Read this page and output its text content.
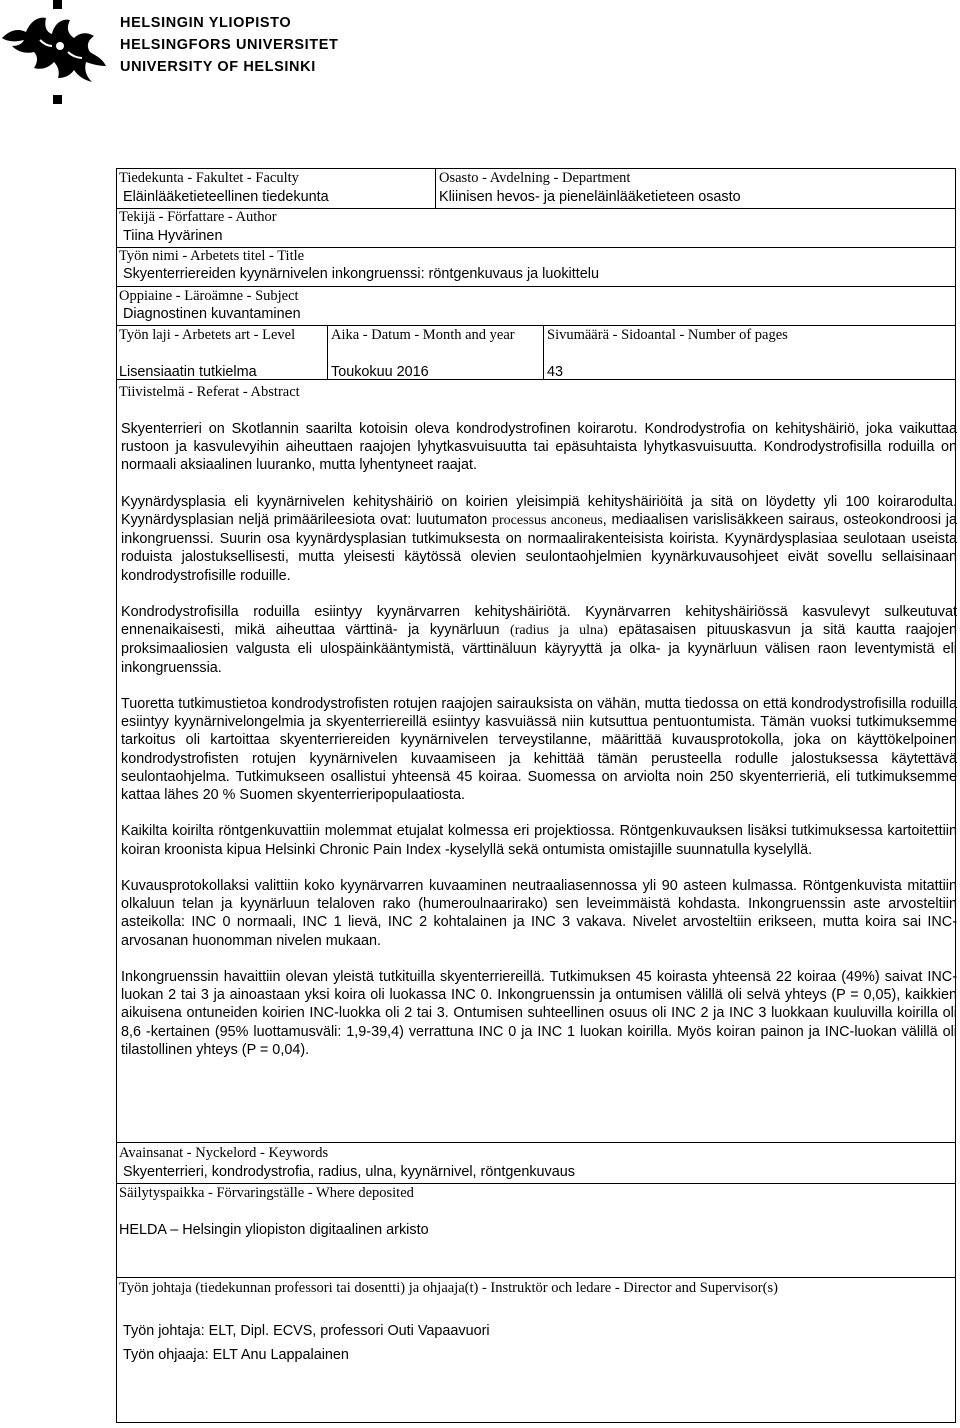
HELSINGIN YLIOPISTO
HELSINGFORS UNIVERSITET
UNIVERSITY OF HELSINKI
Tiedekunta - Fakultet - Faculty
Eläinlääketieteellinen tiedekunta
Osasto - Avdelning - Department
Kliinisen hevos- ja pieneläinlääketieteen osasto
Tekijä - Författare - Author
Tiina Hyvärinen
Työn nimi - Arbetets titel - Title
Skyenterriereiden kyynärnivelen inkongruenssi: röntgenkuvaus ja luokittelu
Oppiaine - Läroämne - Subject
Diagnostinen kuvantaminen
Työn laji - Arbetets art - Level
Lisensiaatin tutkielma
Aika - Datum - Month and year
Toukokuu 2016
Sivumäärä - Sidoantal - Number of pages
43
Tiivistelmä - Referat - Abstract

Skyenterrieri on Skotlannin saarilta kotoisin oleva kondrodystrofinen koirarotu. Kondrodystrofia on kehityshäiriö, joka vaikuttaa rustoon ja kasvulevyihin aiheuttaen raajojen lyhytkasvuisuutta tai epäsuhtaista lyhytkasvuisuutta. Kondrodystrofisilla roduilla on normaali aksiaalinen luuranko, mutta lyhentyneet raajat.

Kyynärdysplasia eli kyynärnivelen kehityshäiriö on koirien yleisimpiä kehityshäiriöitä ja sitä on löydetty yli 100 koirarodulta. Kyynärdysplasian neljä primäärileesiota ovat: luutumaton processus anconeus, mediaalisen varislisäkkeen sairaus, osteokondroosi ja inkongruenssi. Suurin osa kyynärdysplasian tutkimuksesta on normaalirakenteisista koirista. Kyynärdysplasiaa seulotaan useista roduista jalostuksellisesti, mutta yleisesti käytössä olevien seulontaohjelmien kyynärkuvausohjeet eivät sovellu sellaisinaan kondrodystrofisille roduille.

Kondrodystrofisilla roduilla esiintyy kyynärvarren kehityshäiriötä. Kyynärvarren kehityshäiriössä kasvulevyt sulkeutuvat ennenaikaisesti, mikä aiheuttaa värttinä- ja kyynärluun (radius ja ulna) epätasaisen pituuskasvun ja sitä kautta raajojen proksimaaliosien valgusta eli ulospäinkääntymistä, värttinäluun käyryyttä ja olka- ja kyynärluun välisen raon leventymistä eli inkongruenssia.

Tuoretta tutkimustietoa kondrodystrofisten rotujen raajojen sairauksista on vähän, mutta tiedossa on että kondrodystrofisilla roduilla esiintyy kyynärnivelongelmia ja skyenterriereillä esiintyy kasvuiässä niin kutsuttua pentuontumista. Tämän vuoksi tutkimuksemme tarkoitus oli kartoittaa skyenterriereiden kyynärnivelen terveystilanne, määrittää kuvausprotokolla, joka on käyttökelpoinen kondrodystrofisten rotujen kyynärnivelen kuvaamiseen ja kehittää tämän perusteella rodulle jalostuksessa käytettävä seulontaohjelma. Tutkimukseen osallistui yhteensä 45 koiraa. Suomessa on arviolta noin 250 skyenterrieriä, eli tutkimuksemme kattaa lähes 20 % Suomen skyenterrieripopulaatiosta.

Kaikilta koirilta röntgenkuvattiin molemmat etujalat kolmessa eri projektiossa. Röntgenkuvauksen lisäksi tutkimuksessa kartoitettiin koiran kroonista kipua Helsinki Chronic Pain Index -kyselyllä sekä ontumista omistajille suunnatulla kyselyllä.

Kuvausprotokollaksi valittiin koko kyynärvarren kuvaaminen neutraaliasennossa yli 90 asteen kulmassa. Röntgenkuvista mitattiin olkaluun telan ja kyynärluun telaloven rako (humeroulnaarirako) sen leveimmäistä kohdasta. Inkongruenssin aste arvosteltiin asteikolla: INC 0 normaali, INC 1 lievä, INC 2 kohtalainen ja INC 3 vakava. Nivelet arvosteltiin erikseen, mutta koira sai INC-arvosanan huonomman nivelen mukaan.

Inkongruenssin havaittiin olevan yleistä tutkituilla skyenterriereillä. Tutkimuksen 45 koirasta yhteensä 22 koiraa (49%) saivat INC-luokan 2 tai 3 ja ainoastaan yksi koira oli luokassa INC 0. Inkongruenssin ja ontumisen välillä oli selvä yhteys (P = 0,05), kaikkien aikuisena ontuneiden koirien INC-luokka oli 2 tai 3. Ontumisen suhteellinen osuus oli INC 2 ja INC 3 luokkaan kuuluvilla koirilla oli 8,6 -kertainen (95% luottamusväli: 1,9-39,4) verrattuna INC 0 ja INC 1 luokan koirilla. Myös koiran painon ja INC-luokan välillä oli tilastollinen yhteys (P = 0,04).

Avainsanat - Nyckelord - Keywords
Skyenterrieri, kondrodystrofia, radius, ulna, kyynärnivel, röntgenkuvaus
Säilytyspaikka - Förvaringställe - Where deposited
HELDA – Helsingin yliopiston digitaalinen arkisto
Työn johtaja (tiedekunnan professori tai dosentti) ja ohjaaja(t) - Instruktör och ledare - Director and Supervisor(s)
Työn johtaja: ELT, Dipl. ECVS, professori Outi Vapaavuori
Työn ohjaaja: ELT Anu Lappalainen
